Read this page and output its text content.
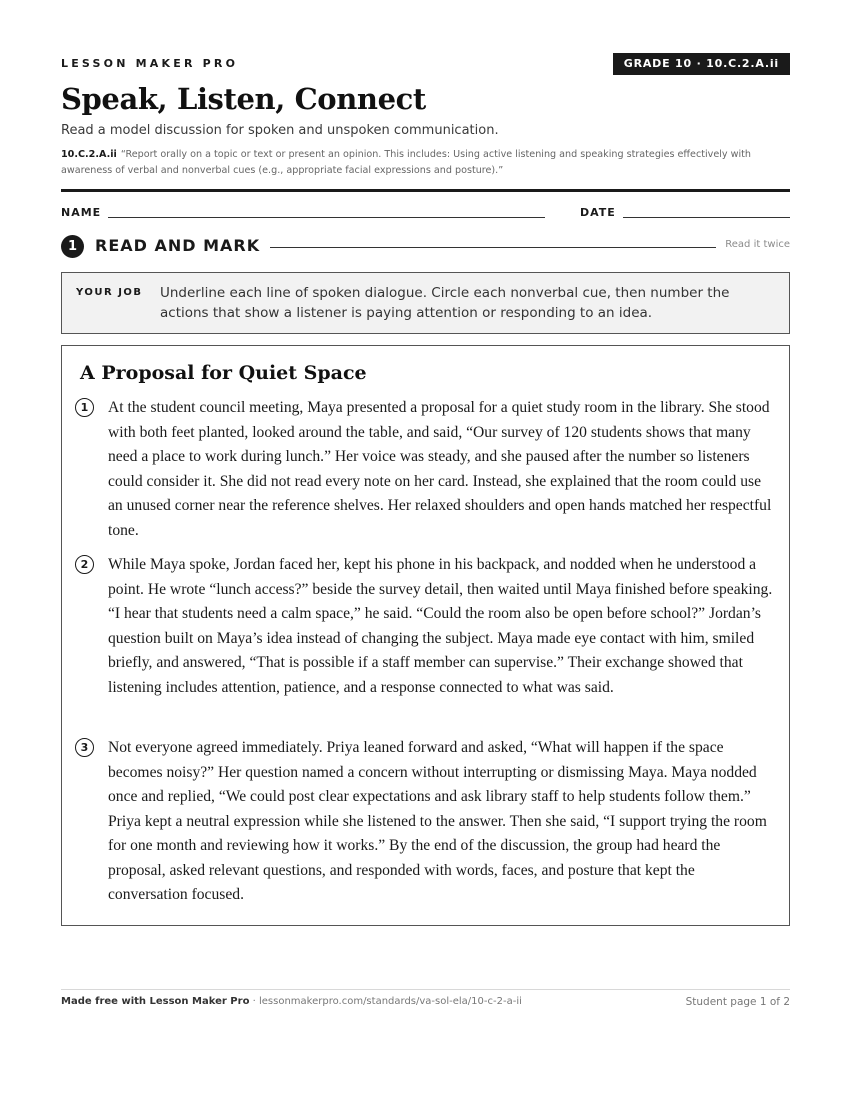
LESSON MAKER PRO	GRADE 10 · 10.C.2.A.ii
Speak, Listen, Connect
Read a model discussion for spoken and unspoken communication.
10.C.2.A.ii “Report orally on a topic or text or present an opinion. This includes: Using active listening and speaking strategies effectively with awareness of verbal and nonverbal cues (e.g., appropriate facial expressions and posture).”
NAME	DATE
1	READ AND MARK	Read it twice
YOUR JOB Underline each line of spoken dialogue. Circle each nonverbal cue, then number the actions that show a listener is paying attention or responding to an idea.
A Proposal for Quiet Space
1	At the student council meeting, Maya presented a proposal for a quiet study room in the library. She stood with both feet planted, looked around the table, and said, “Our survey of 120 students shows that many need a place to work during lunch.” Her voice was steady, and she paused after the number so listeners could consider it. She did not read every note on her card. Instead, she explained that the room could use an unused corner near the reference shelves. Her relaxed shoulders and open hands matched her respectful tone.
2	While Maya spoke, Jordan faced her, kept his phone in his backpack, and nodded when he understood a point. He wrote “lunch access?” beside the survey detail, then waited until Maya finished before speaking. “I hear that students need a calm space,” he said. “Could the room also be open before school?” Jordan’s question built on Maya’s idea instead of changing the subject. Maya made eye contact with him, smiled briefly, and answered, “That is possible if a staff member can supervise.” Their exchange showed that listening includes attention, patience, and a response connected to what was said.
3	Not everyone agreed immediately. Priya leaned forward and asked, “What will happen if the space becomes noisy?” Her question named a concern without interrupting or dismissing Maya. Maya nodded once and replied, “We could post clear expectations and ask library staff to help students follow them.” Priya kept a neutral expression while she listened to the answer. Then she said, “I support trying the room for one month and reviewing how it works.” By the end of the discussion, the group had heard the proposal, asked relevant questions, and responded with words, faces, and posture that kept the conversation focused.
Made free with Lesson Maker Pro · lessonmakerpro.com/standards/va-sol-ela/10-c-2-a-ii	Student page 1 of 2
